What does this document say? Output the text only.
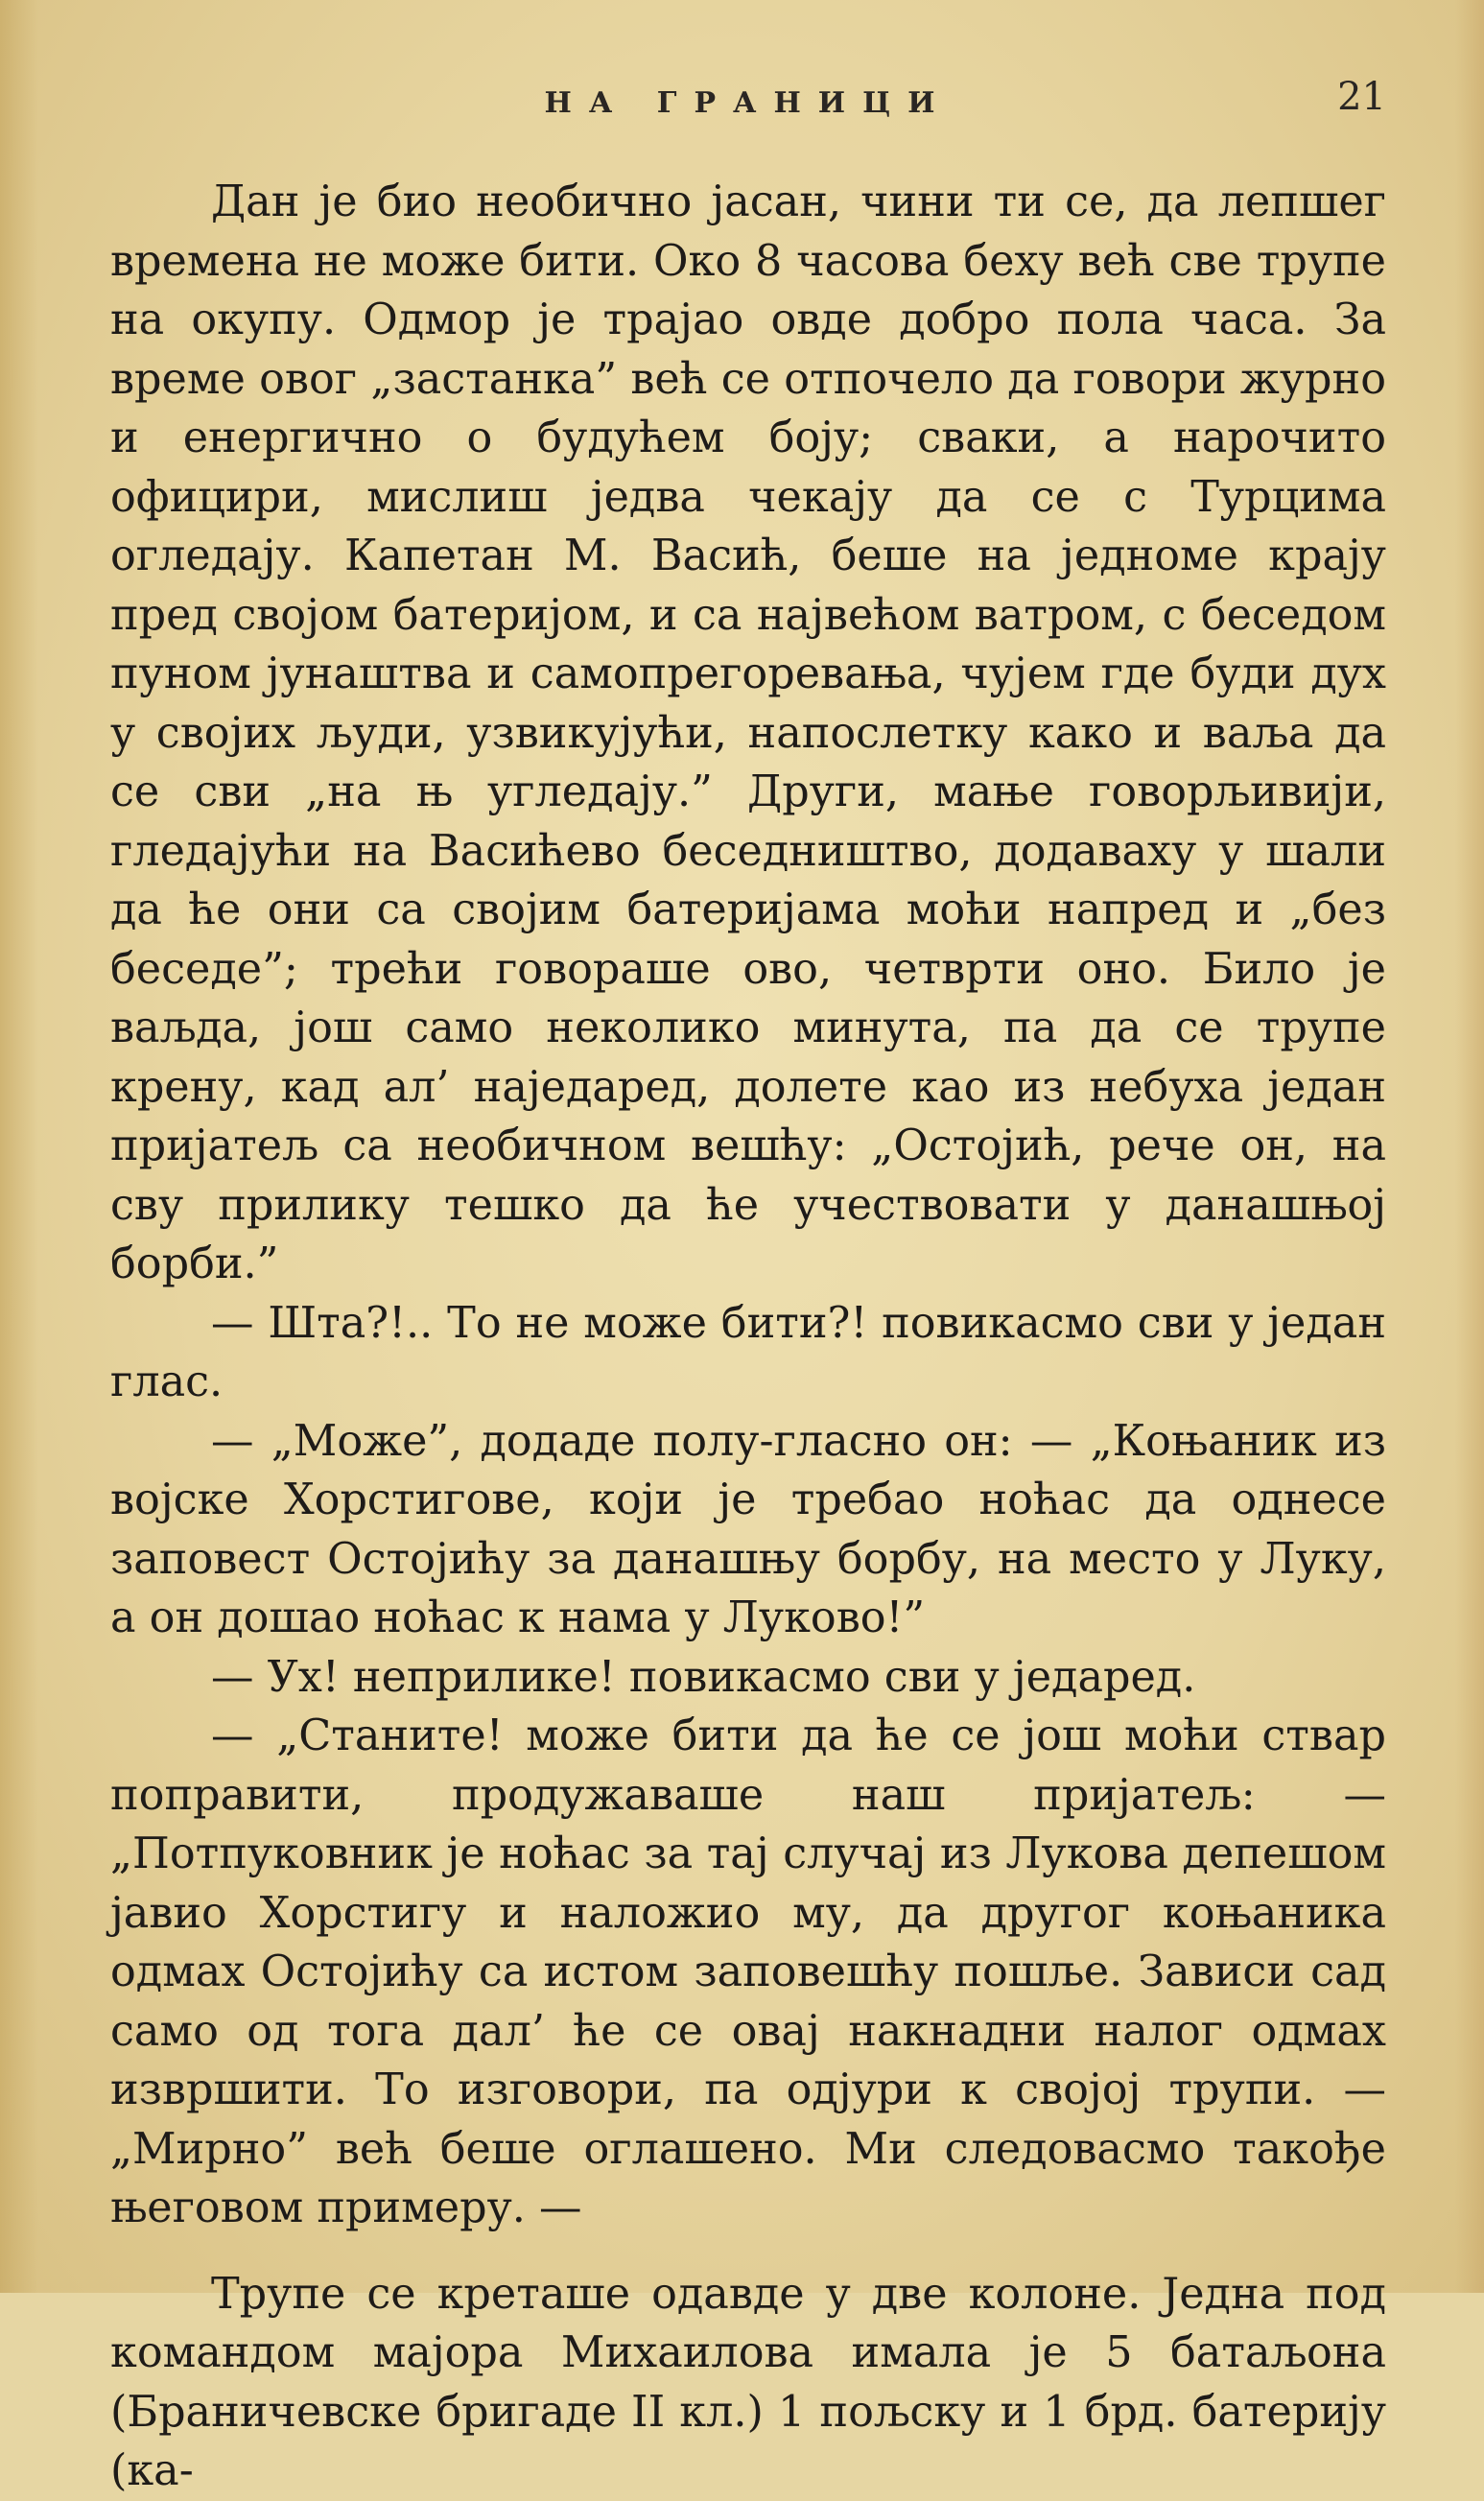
НА ГРАНИЦИ	21

Дан је био необично јасан, чини ти се, да лепшег времена не може бити. Око 8 часова беху већ све трупе на окупу. Одмор је трајао овде добро пола часа. За време овог „застанка” већ се отпочело да говори журно и енергично о будућем боју; сваки, а нарочито официри, мислиш једва чекају да се с Турцима огледају. Капетан М. Васић, беше на једноме крају пред својом батеријом, и са највећом ватром, с беседом пуном јунаштва и самопрегоревања, чујем где буди дух у својих људи, узвикујући, напослетку како и ваља да се сви „на њ угледају.” Други, мање говорљивији, гледајући на Васићево беседништво, додаваху у шали да ће они са својим батеријама моћи напред и „без беседе”; трећи говораше ово, четврти оно. Било је ваљда, још само неколико минута, па да се трупе крену, кад ал’ наједаред, долете као из небуха један пријатељ са необичном вешћу: „Остојић, рече он, на сву прилику тешко да ће учествовати у данашњој борби.”

— Шта?!.. То не може бити?! повикасмо сви у један глас.

— „Може”, додаде полу-гласно он: — „Коњаник из војске Хорстигове, који је требао ноћас да однесе заповест Остојићу за данашњу борбу, на место у Луку, а он дошао ноћас к нама у Луково!”

— Ух! неприлике! повикасмо сви у једаред.

— „Станите! може бити да ће се још моћи ствар поправити, продужаваше наш пријатељ: — „Потпуковник је ноћас за тај случај из Лукова депешом јавио Хорстигу и наложио му, да другог коњаника одмах Остојићу са истом заповешћу пошље. Зависи сад само од тога дал’ ће се овај накнадни налог одмах извршити. То изговори, па одјури к својој трупи. — „Мирно” већ беше оглашено. Ми следовасмо такође његовом примеру. —

Трупе се креташе одавде у две колоне. Једна под командом мајора Михаилова имала је 5 батаљона (Браничевске бригаде II кл.) 1 пољску и 1 брд. батерију (ка-
